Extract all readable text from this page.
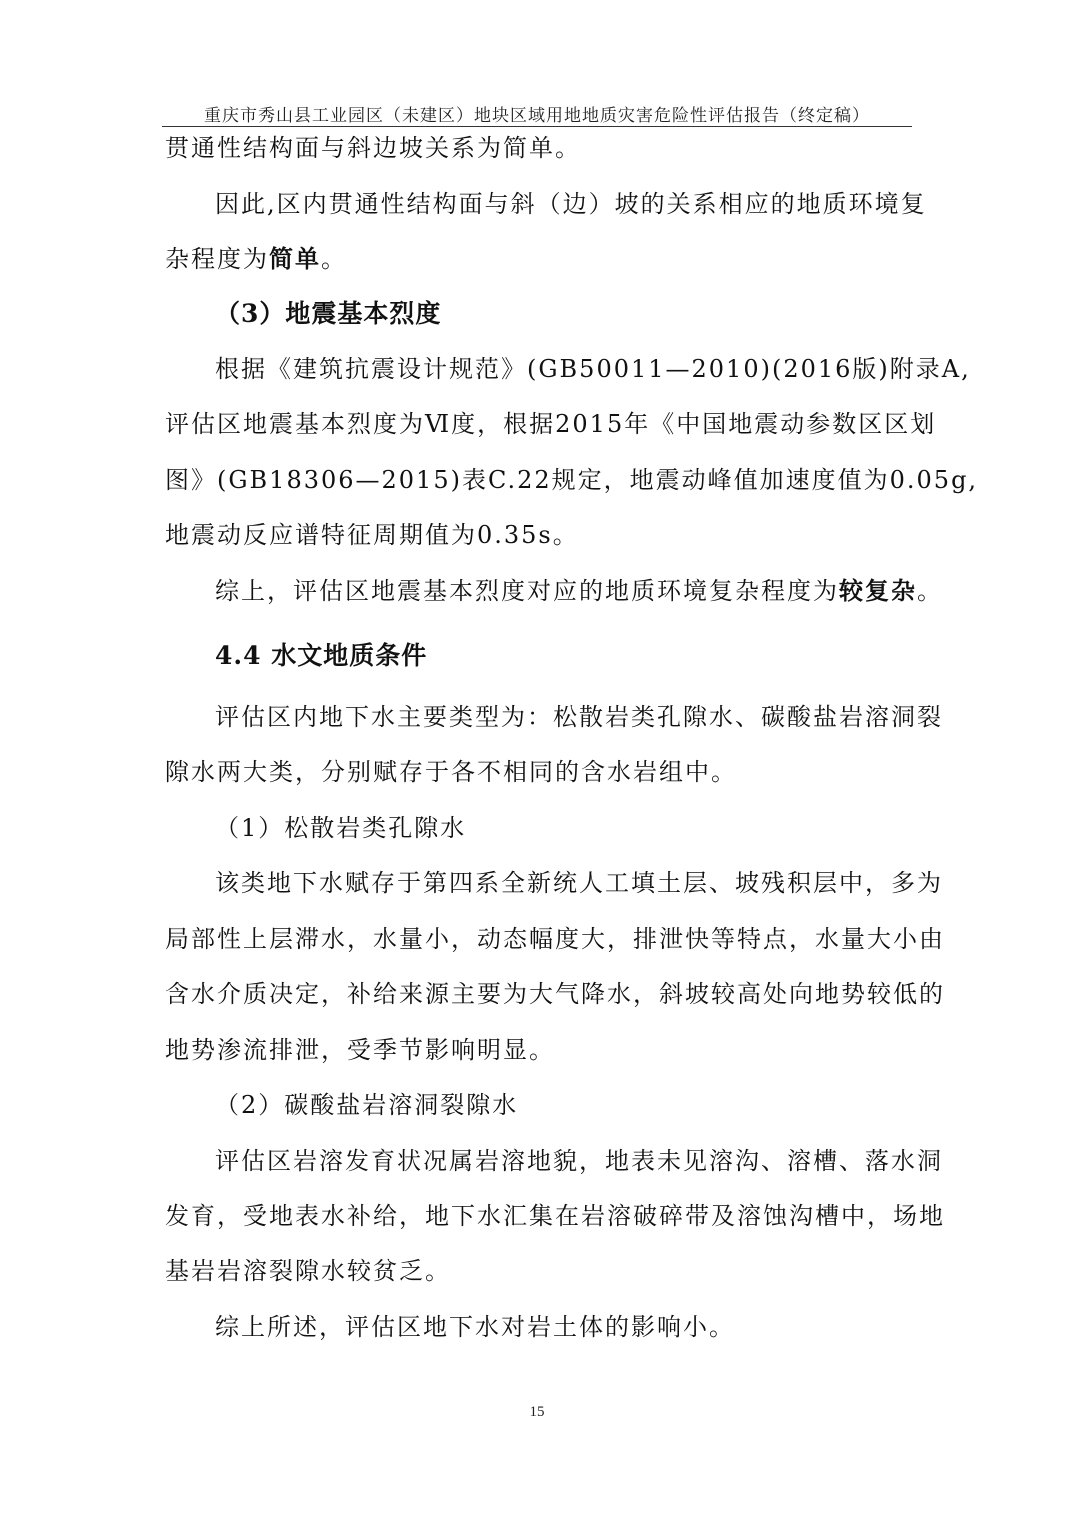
重庆市秀山县工业园区（未建区）地块区域用地地质灾害危险性评估报告（终定稿）
贯通性结构面与斜边坡关系为简单。
因此,区内贯通性结构面与斜（边）坡的关系相应的地质环境复
杂程度为简单。
（3）地震基本烈度
根据《建筑抗震设计规范》(GB50011—2010)(2016版)附录A,
评估区地震基本烈度为Ⅵ度，根据2015年《中国地震动参数区区划
图》(GB18306—2015)表C.22规定，地震动峰值加速度值为0.05g,
地震动反应谱特征周期值为0.35s。
综上，评估区地震基本烈度对应的地质环境复杂程度为较复杂。
4.4 水文地质条件
评估区内地下水主要类型为：松散岩类孔隙水、碳酸盐岩溶洞裂
隙水两大类，分别赋存于各不相同的含水岩组中。
（1）松散岩类孔隙水
该类地下水赋存于第四系全新统人工填土层、坡残积层中，多为
局部性上层滞水，水量小，动态幅度大，排泄快等特点，水量大小由
含水介质决定，补给来源主要为大气降水，斜坡较高处向地势较低的
地势渗流排泄，受季节影响明显。
（2）碳酸盐岩溶洞裂隙水
评估区岩溶发育状况属岩溶地貌，地表未见溶沟、溶槽、落水洞
发育，受地表水补给，地下水汇集在岩溶破碎带及溶蚀沟槽中，场地
基岩岩溶裂隙水较贫乏。
综上所述，评估区地下水对岩土体的影响小。
15
